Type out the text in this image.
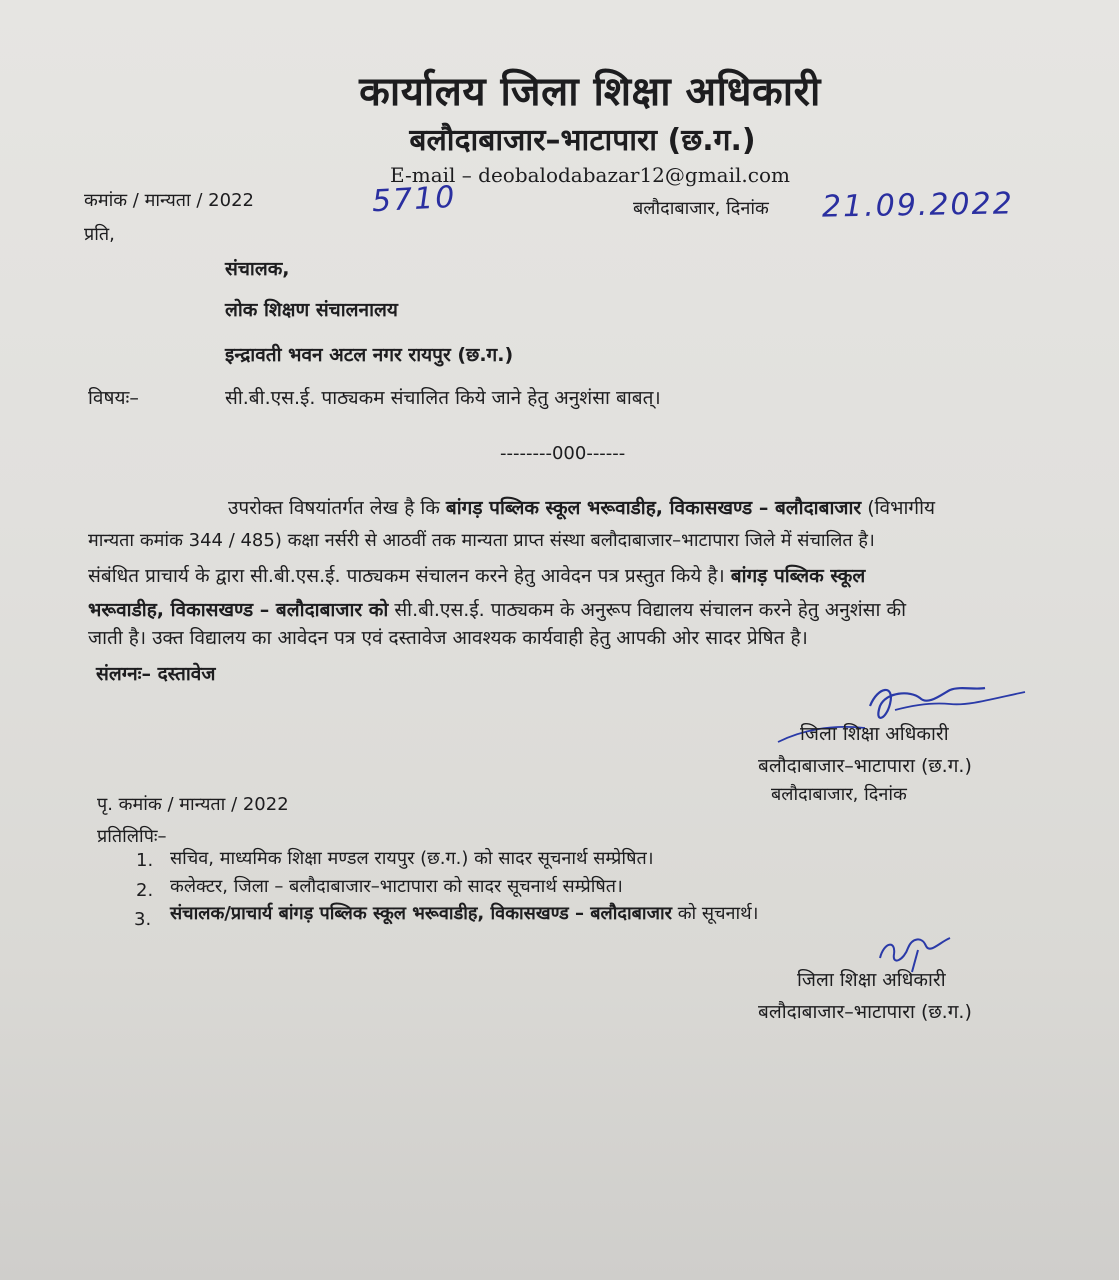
कार्यालय जिला शिक्षा अधिकारी
बलौदाबाजार–भाटापारा (छ.ग.)
E-mail – deobalodabazar12@gmail.com
कमांक / मान्यता / 2022	5710	बलौदाबाजार, दिनांक 21.09.2022
प्रति,
संचालक,
लोक शिक्षण संचालनालय
इन्द्रावती भवन अटल नगर रायपुर (छ.ग.)
विषयः–	सी.बी.एस.ई. पाठ्यकम संचालित किये जाने हेतु अनुशंसा बाबत्।
--------000------
उपरोक्त विषयांतर्गत लेख है कि बांगड़ पब्लिक स्कूल भरूवाडीह, विकासखण्ड – बलौदाबाजार (विभागीय
मान्यता कमांक 344 / 485) कक्षा नर्सरी से आठवीं तक मान्यता प्राप्त संस्था बलौदाबाजार–भाटापारा जिले में संचालित है।
संबंधित प्राचार्य के द्वारा सी.बी.एस.ई. पाठ्यकम संचालन करने हेतु आवेदन पत्र प्रस्तुत किये है। बांगड़ पब्लिक स्कूल
भरूवाडीह, विकासखण्ड – बलौदाबाजार को सी.बी.एस.ई. पाठ्यकम के अनुरूप विद्यालय संचालन करने हेतु अनुशंसा की
जाती है। उक्त विद्यालय का आवेदन पत्र एवं दस्तावेज आवश्यक कार्यवाही हेतु आपकी ओर सादर प्रेषित है।
संलग्नः– दस्तावेज
जिला शिक्षा अधिकारी
बलौदाबाजार–भाटापारा (छ.ग.)
बलौदाबाजार, दिनांक
पृ. कमांक / मान्यता / 2022
प्रतिलिपिः–
1. सचिव, माध्यमिक शिक्षा मण्डल रायपुर (छ.ग.) को सादर सूचनार्थ सम्प्रेषित।
2. कलेक्टर, जिला – बलौदाबाजार–भाटापारा को सादर सूचनार्थ सम्प्रेषित।
3. संचालक/प्राचार्य बांगड़ पब्लिक स्कूल भरूवाडीह, विकासखण्ड – बलौदाबाजार को सूचनार्थ।
जिला शिक्षा अधिकारी
बलौदाबाजार–भाटापारा (छ.ग.)
